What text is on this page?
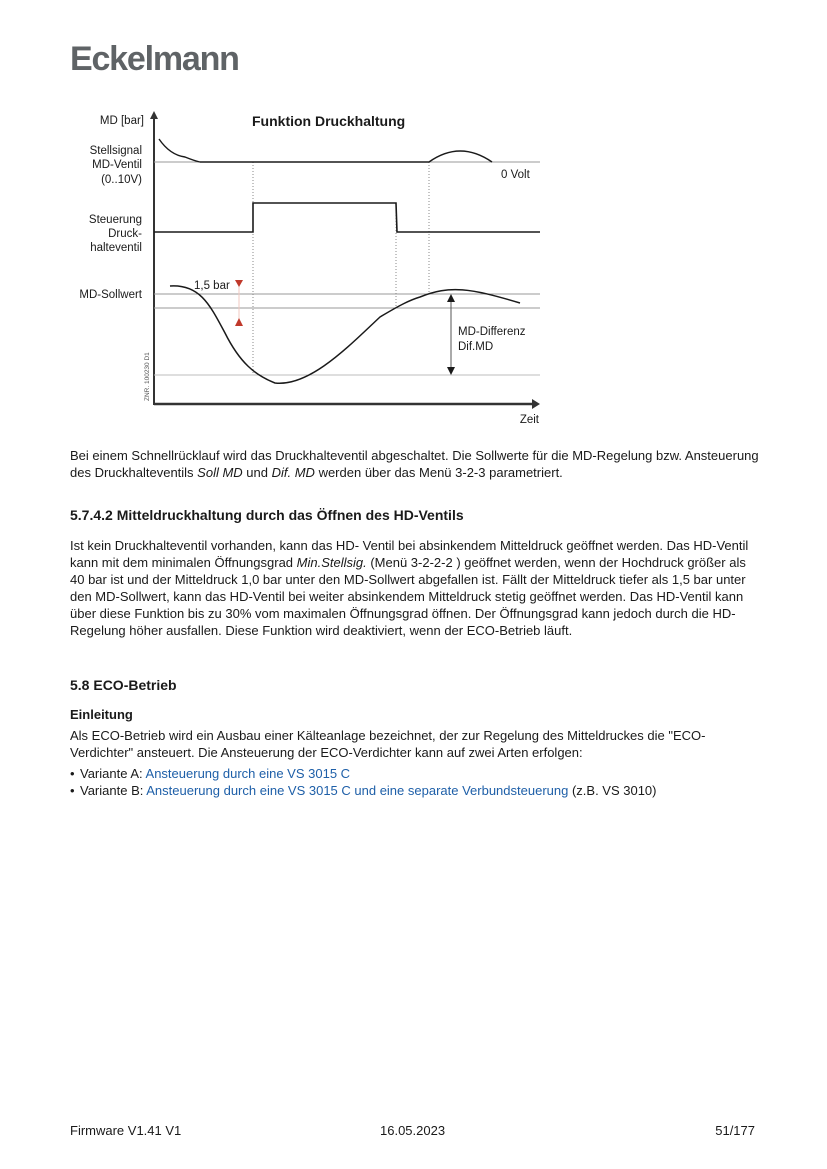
Eckelmann
Funktion Druckhaltung
MD [bar]
Zeit
Stellsignal
MD-Ventil
(0..10V)
Steuerung
Druck-
halteventil
MD-Sollwert
0 Volt
1,5 bar
MD-Differenz
Dif.MD
ZNR. 100230 D1
Bei einem Schnellrücklauf wird das Druckhalteventil abgeschaltet. Die Sollwerte für die MD-Regelung bzw. Ansteuerung des Druckhalteventils Soll MD und Dif. MD werden über das Menü 3-2-3 parametriert.
5.7.4.2 Mitteldruckhaltung durch das Öffnen des HD-Ventils
Ist kein Druckhalteventil vorhanden, kann das HD- Ventil bei absinkendem Mitteldruck geöffnet werden. Das HD-Ventil kann mit dem minimalen Öffnungsgrad Min.Stellsig. (Menü 3-2-2-2 ) geöffnet werden, wenn der Hochdruck größer als 40 bar ist und der Mitteldruck 1,0 bar unter den MD-Sollwert abgefallen ist. Fällt der Mitteldruck tiefer als 1,5 bar unter den MD-Sollwert, kann das HD-Ventil bei weiter absinkendem Mitteldruck stetig geöffnet werden. Das HD-Ventil kann über diese Funktion bis zu 30% vom maximalen Öffnungsgrad öffnen. Der Öffnungsgrad kann jedoch durch die HD-Regelung höher ausfallen. Diese Funktion wird deaktiviert, wenn der ECO-Betrieb läuft.
5.8 ECO-Betrieb
Einleitung
Als ECO-Betrieb wird ein Ausbau einer Kälteanlage bezeichnet, der zur Regelung des Mitteldruckes die "ECO-Verdichter" ansteuert. Die Ansteuerung der ECO-Verdichter kann auf zwei Arten erfolgen:
• Variante A: Ansteuerung durch eine VS 3015 C
• Variante B: Ansteuerung durch eine VS 3015 C und eine separate Verbundsteuerung (z.B. VS 3010)
Firmware V1.41 V1	16.05.2023	51/177
